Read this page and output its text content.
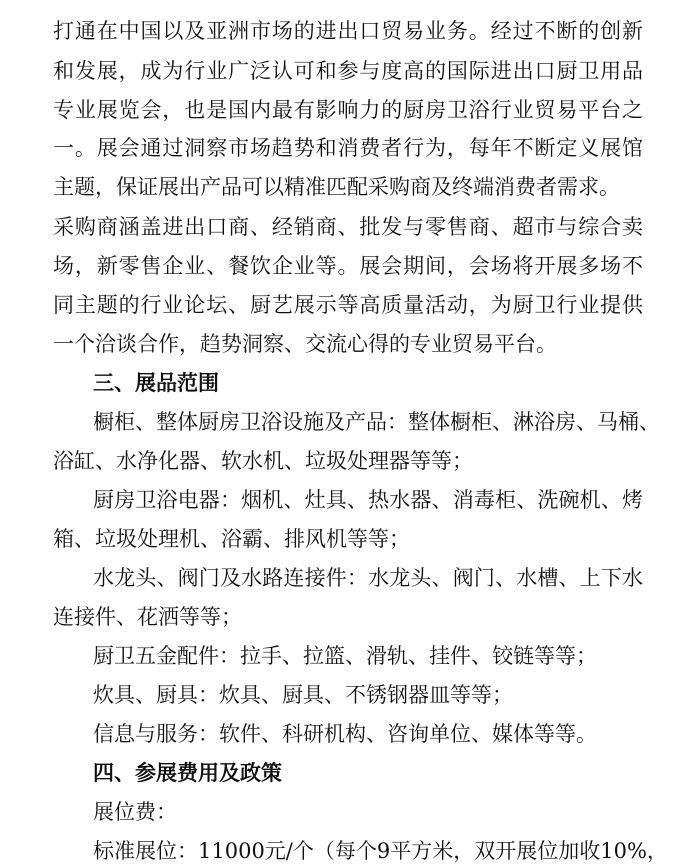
打通在中国以及亚洲市场的进出口贸易业务。经过不断的创新
和发展，成为行业广泛认可和参与度高的国际进出口厨卫用品
专业展览会，也是国内最有影响力的厨房卫浴行业贸易平台之
一。展会通过洞察市场趋势和消费者行为，每年不断定义展馆
主题，保证展出产品可以精准匹配采购商及终端消费者需求。
采购商涵盖进出口商、经销商、批发与零售商、超市与综合卖
场，新零售企业、餐饮企业等。展会期间，会场将开展多场不
同主题的行业论坛、厨艺展示等高质量活动，为厨卫行业提供
一个洽谈合作，趋势洞察、交流心得的专业贸易平台。
三、展品范围
橱柜、整体厨房卫浴设施及产品：整体橱柜、淋浴房、马桶、
浴缸、水净化器、软水机、垃圾处理器等等；
厨房卫浴电器：烟机、灶具、热水器、消毒柜、洗碗机、烤
箱、垃圾处理机、浴霸、排风机等等；
水龙头、阀门及水路连接件：水龙头、阀门、水槽、上下水
连接件、花洒等等；
厨卫五金配件：拉手、拉篮、滑轨、挂件、铰链等等；
炊具、厨具：炊具、厨具、不锈钢器皿等等；
信息与服务：软件、科研机构、咨询单位、媒体等等。
四、参展费用及政策
展位费：
标准展位：11000元/个（每个9平方米，双开展位加收10%，
